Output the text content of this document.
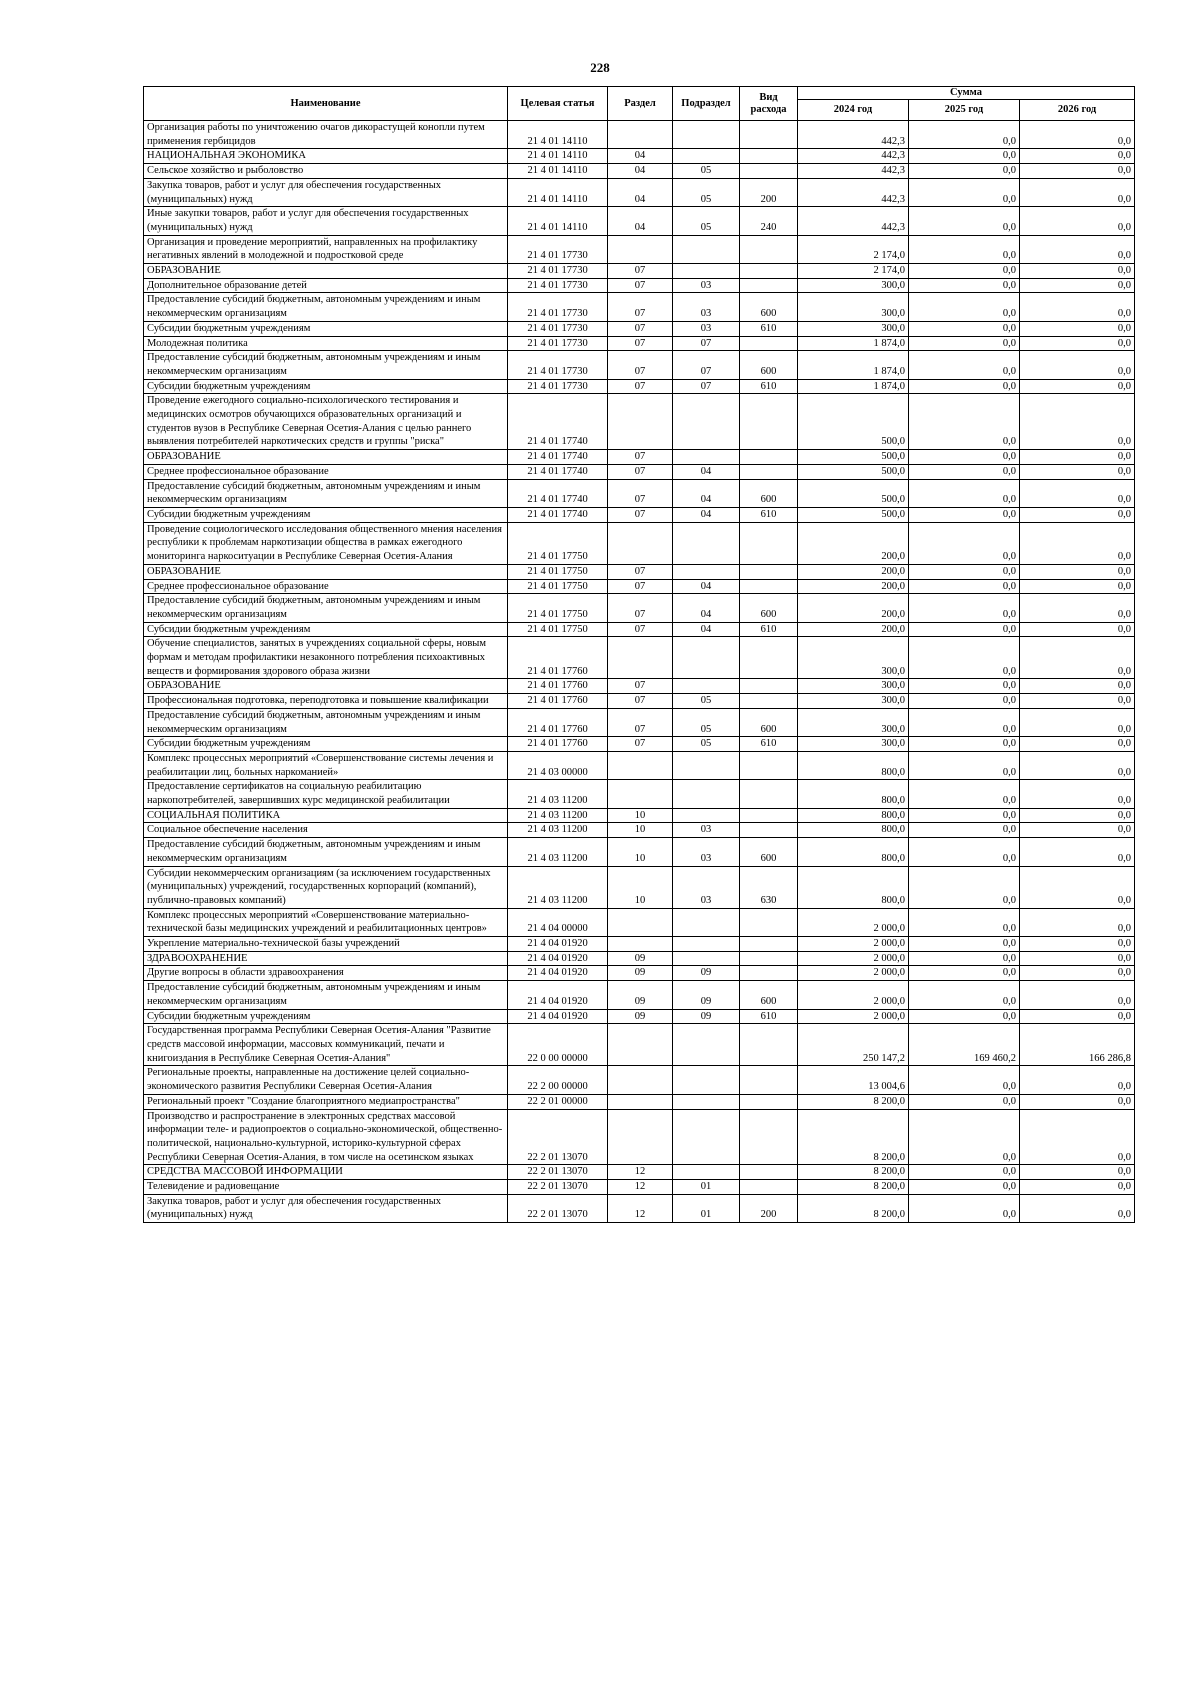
228
Наименование	Целевая статья	Раздел	Подраздел	Вид расхода	Сумма		
					2024 год	2025 год	2026 год
Организация работы по уничтожению очагов дикорастущей конопли путем применения гербицидов	21 4 01 14110				442,3	0,0	0,0
НАЦИОНАЛЬНАЯ ЭКОНОМИКА	21 4 01 14110	04			442,3	0,0	0,0
Сельское хозяйство и рыболовство	21 4 01 14110	04	05		442,3	0,0	0,0
Закупка товаров, работ и услуг для обеспечения государственных (муниципальных) нужд	21 4 01 14110	04	05	200	442,3	0,0	0,0
Иные закупки товаров, работ и услуг для обеспечения государственных (муниципальных) нужд	21 4 01 14110	04	05	240	442,3	0,0	0,0
Организация и проведение мероприятий, направленных на профилактику негативных явлений в молодежной и подростковой среде	21 4 01 17730				2 174,0	0,0	0,0
ОБРАЗОВАНИЕ	21 4 01 17730	07			2 174,0	0,0	0,0
Дополнительное образование детей	21 4 01 17730	07	03		300,0	0,0	0,0
Предоставление субсидий бюджетным, автономным учреждениям и иным некоммерческим организациям	21 4 01 17730	07	03	600	300,0	0,0	0,0
Субсидии бюджетным учреждениям	21 4 01 17730	07	03	610	300,0	0,0	0,0
Молодежная политика	21 4 01 17730	07	07		1 874,0	0,0	0,0
Предоставление субсидий бюджетным, автономным учреждениям и иным некоммерческим организациям	21 4 01 17730	07	07	600	1 874,0	0,0	0,0
Субсидии бюджетным учреждениям	21 4 01 17730	07	07	610	1 874,0	0,0	0,0
Проведение ежегодного социально-психологического тестирования и медицинских осмотров обучающихся образовательных организаций и студентов вузов в Республике Северная Осетия-Алания с целью раннего выявления потребителей наркотических средств и группы "риска"	21 4 01 17740				500,0	0,0	0,0
ОБРАЗОВАНИЕ	21 4 01 17740	07			500,0	0,0	0,0
Среднее профессиональное образование	21 4 01 17740	07	04		500,0	0,0	0,0
Предоставление субсидий бюджетным, автономным учреждениям и иным некоммерческим организациям	21 4 01 17740	07	04	600	500,0	0,0	0,0
Субсидии бюджетным учреждениям	21 4 01 17740	07	04	610	500,0	0,0	0,0
Проведение социологического исследования общественного мнения населения республики к проблемам наркотизации общества в рамках ежегодного мониторинга наркоситуации в Республике Северная Осетия-Алания	21 4 01 17750				200,0	0,0	0,0
ОБРАЗОВАНИЕ	21 4 01 17750	07			200,0	0,0	0,0
Среднее профессиональное образование	21 4 01 17750	07	04		200,0	0,0	0,0
Предоставление субсидий бюджетным, автономным учреждениям и иным некоммерческим организациям	21 4 01 17750	07	04	600	200,0	0,0	0,0
Субсидии бюджетным учреждениям	21 4 01 17750	07	04	610	200,0	0,0	0,0
Обучение специалистов, занятых в учреждениях социальной сферы, новым формам и методам профилактики незаконного потребления психоактивных веществ и формирования здорового образа жизни	21 4 01 17760				300,0	0,0	0,0
ОБРАЗОВАНИЕ	21 4 01 17760	07			300,0	0,0	0,0
Профессиональная подготовка, переподготовка и повышение квалификации	21 4 01 17760	07	05		300,0	0,0	0,0
Предоставление субсидий бюджетным, автономным учреждениям и иным некоммерческим организациям	21 4 01 17760	07	05	600	300,0	0,0	0,0
Субсидии бюджетным учреждениям	21 4 01 17760	07	05	610	300,0	0,0	0,0
Комплекс процессных мероприятий «Совершенствование системы лечения и реабилитации лиц, больных наркоманией»	21 4 03 00000				800,0	0,0	0,0
Предоставление сертификатов на социальную реабилитацию наркопотребителей, завершивших курс медицинской реабилитации	21 4 03 11200				800,0	0,0	0,0
СОЦИАЛЬНАЯ ПОЛИТИКА	21 4 03 11200	10			800,0	0,0	0,0
Социальное обеспечение населения	21 4 03 11200	10	03		800,0	0,0	0,0
Предоставление субсидий бюджетным, автономным учреждениям и иным некоммерческим организациям	21 4 03 11200	10	03	600	800,0	0,0	0,0
Субсидии некоммерческим организациям (за исключением государственных (муниципальных) учреждений, государственных корпораций (компаний), публично-правовых компаний)	21 4 03 11200	10	03	630	800,0	0,0	0,0
Комплекс процессных мероприятий «Совершенствование материально-технической базы медицинских учреждений и реабилитационных центров»	21 4 04 00000				2 000,0	0,0	0,0
Укрепление материально-технической базы учреждений	21 4 04 01920				2 000,0	0,0	0,0
ЗДРАВООХРАНЕНИЕ	21 4 04 01920	09			2 000,0	0,0	0,0
Другие вопросы в области здравоохранения	21 4 04 01920	09	09		2 000,0	0,0	0,0
Предоставление субсидий бюджетным, автономным учреждениям и иным некоммерческим организациям	21 4 04 01920	09	09	600	2 000,0	0,0	0,0
Субсидии бюджетным учреждениям	21 4 04 01920	09	09	610	2 000,0	0,0	0,0
Государственная программа Республики Северная Осетия-Алания "Развитие средств массовой информации, массовых коммуникаций, печати и книгоиздания в Республике Северная Осетия-Алания"	22 0 00 00000				250 147,2	169 460,2	166 286,8
Региональные проекты, направленные на достижение целей социально-экономического развития Республики Северная Осетия-Алания	22 2 00 00000				13 004,6	0,0	0,0
Региональный проект "Создание благоприятного медиапространства"	22 2 01 00000				8 200,0	0,0	0,0
Производство и распространение в электронных средствах массовой информации теле- и радиопроектов о социально-экономической, общественно-политической, национально-культурной, историко-культурной сферах Республики Северная Осетия-Алания, в том числе на осетинском языках	22 2 01 13070				8 200,0	0,0	0,0
СРЕДСТВА МАССОВОЙ ИНФОРМАЦИИ	22 2 01 13070	12			8 200,0	0,0	0,0
Телевидение и радиовещание	22 2 01 13070	12	01		8 200,0	0,0	0,0
Закупка товаров, работ и услуг для обеспечения государственных (муниципальных) нужд	22 2 01 13070	12	01	200	8 200,0	0,0	0,0
